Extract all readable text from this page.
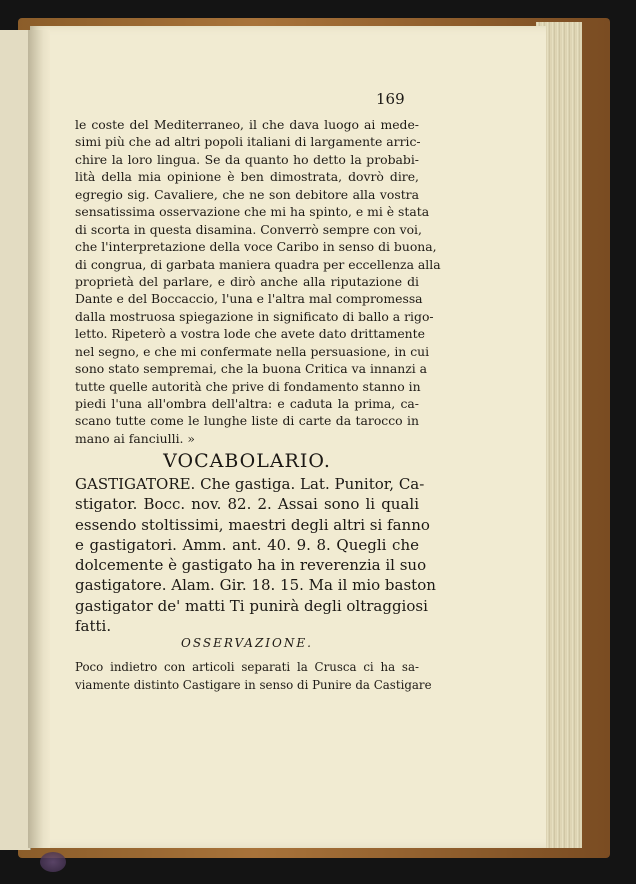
169
le coste del Mediterraneo, il che dava luogo ai mede-
simi più che ad altri popoli italiani di largamente arric-
chire la loro lingua. Se da quanto ho detto la probabi-
lità della mia opinione è ben dimostrata, dovrò dire,
egregio sig. Cavaliere, che ne son debitore alla vostra
sensatissima osservazione che mi ha spinto, e mi è stata
di scorta in questa disamina. Converrò sempre con voi,
che l'interpretazione della voce Caribo in senso di buona,
di congrua, di garbata maniera quadra per eccellenza alla
proprietà del parlare, e dirò anche alla riputazione di
Dante e del Boccaccio, l'una e l'altra mal compromessa
dalla mostruosa spiegazione in significato di ballo a rigo-
letto. Ripeterò a vostra lode che avete dato drittamente
nel segno, e che mi confermate nella persuasione, in cui
sono stato sempremai, che la buona Critica va innanzi a
tutte quelle autorità che prive di fondamento stanno in
piedi l'una all'ombra dell'altra: e caduta la prima, ca-
scano tutte come le lunghe liste di carte da tarocco in
mano ai fanciulli. »
VOCABOLARIO.
GASTIGATORE. Che gastiga. Lat. Punitor, Ca-
stigator. Bocc. nov. 82. 2. Assai sono li quali
essendo stoltissimi, maestri degli altri si fanno
e gastigatori. Amm. ant. 40. 9. 8. Quegli che
dolcemente è gastigato ha in reverenzia il suo
gastigatore. Alam. Gir. 18. 15. Ma il mio baston
gastigator de' matti Ti punirà degli oltraggiosi
fatti.
OSSERVAZIONE.
Poco indietro con articoli separati la Crusca ci ha sa-
viamente distinto Castigare in senso di Punire da Castigare
